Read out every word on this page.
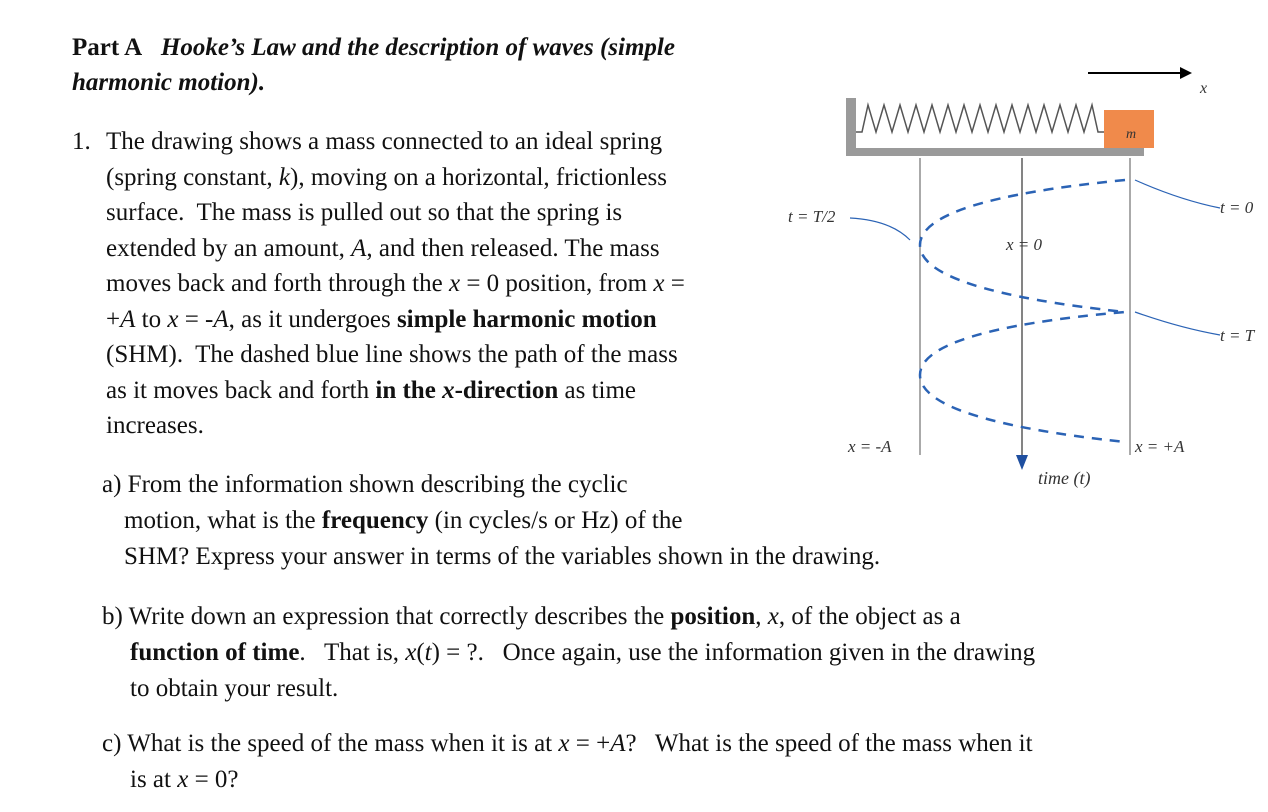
Part A Hooke’s Law and the description of waves (simple
harmonic motion).
1. The drawing shows a mass connected to an ideal spring
(spring constant, k), moving on a horizontal, frictionless
surface.  The mass is pulled out so that the spring is
extended by an amount, A, and then released. The mass
moves back and forth through the x = 0 position, from x =
+A to x = -A, as it undergoes simple harmonic motion
(SHM).  The dashed blue line shows the path of the mass
as it moves back and forth in the x-direction as time
increases.
a) From the information shown describing the cyclic
motion, what is the frequency (in cycles/s or Hz) of the
SHM? Express your answer in terms of the variables shown in the drawing.
b) Write down an expression that correctly describes the position, x, of the object as a
function of time.   That is, x(t) = ?.   Once again, use the information given in the drawing
to obtain your result.
c) What is the speed of the mass when it is at x = +A?   What is the speed of the mass when it
is at x = 0?
x
m
t = T/2	t = 0
t = T
x = 0
x = -A	x = +A
time (t)
